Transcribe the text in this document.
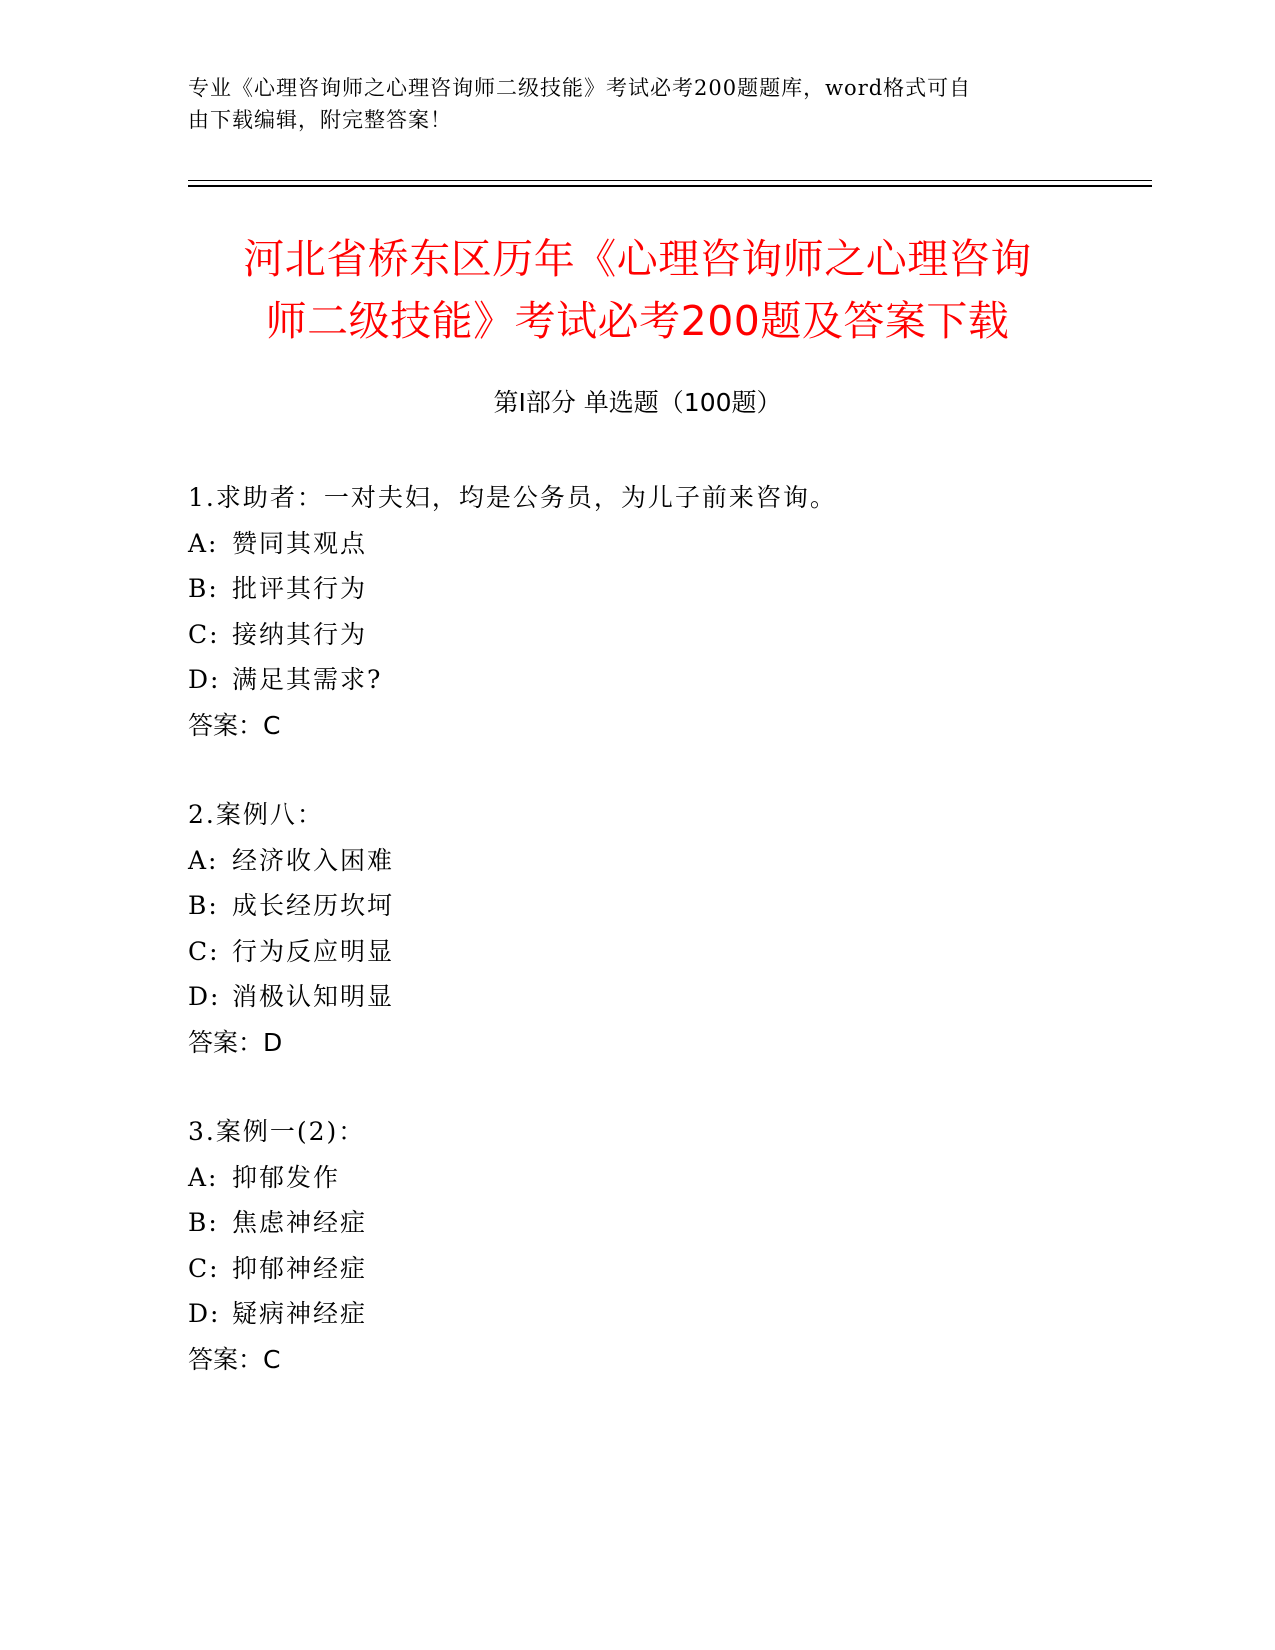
专业《心理咨询师之心理咨询师二级技能》考试必考200题题库，word格式可自
由下载编辑，附完整答案！
河北省桥东区历年《心理咨询师之心理咨询
师二级技能》考试必考200题及答案下载
第Ⅰ部分 单选题（100题）
1.求助者：一对夫妇，均是公务员，为儿子前来咨询。
A: 赞同其观点
B: 批评其行为
C: 接纳其行为
D: 满足其需求?
答案：C
2.案例八：
A: 经济收入困难
B: 成长经历坎坷
C: 行为反应明显
D: 消极认知明显
答案：D
3.案例一(2)：
A: 抑郁发作
B: 焦虑神经症
C: 抑郁神经症
D: 疑病神经症
答案：C
